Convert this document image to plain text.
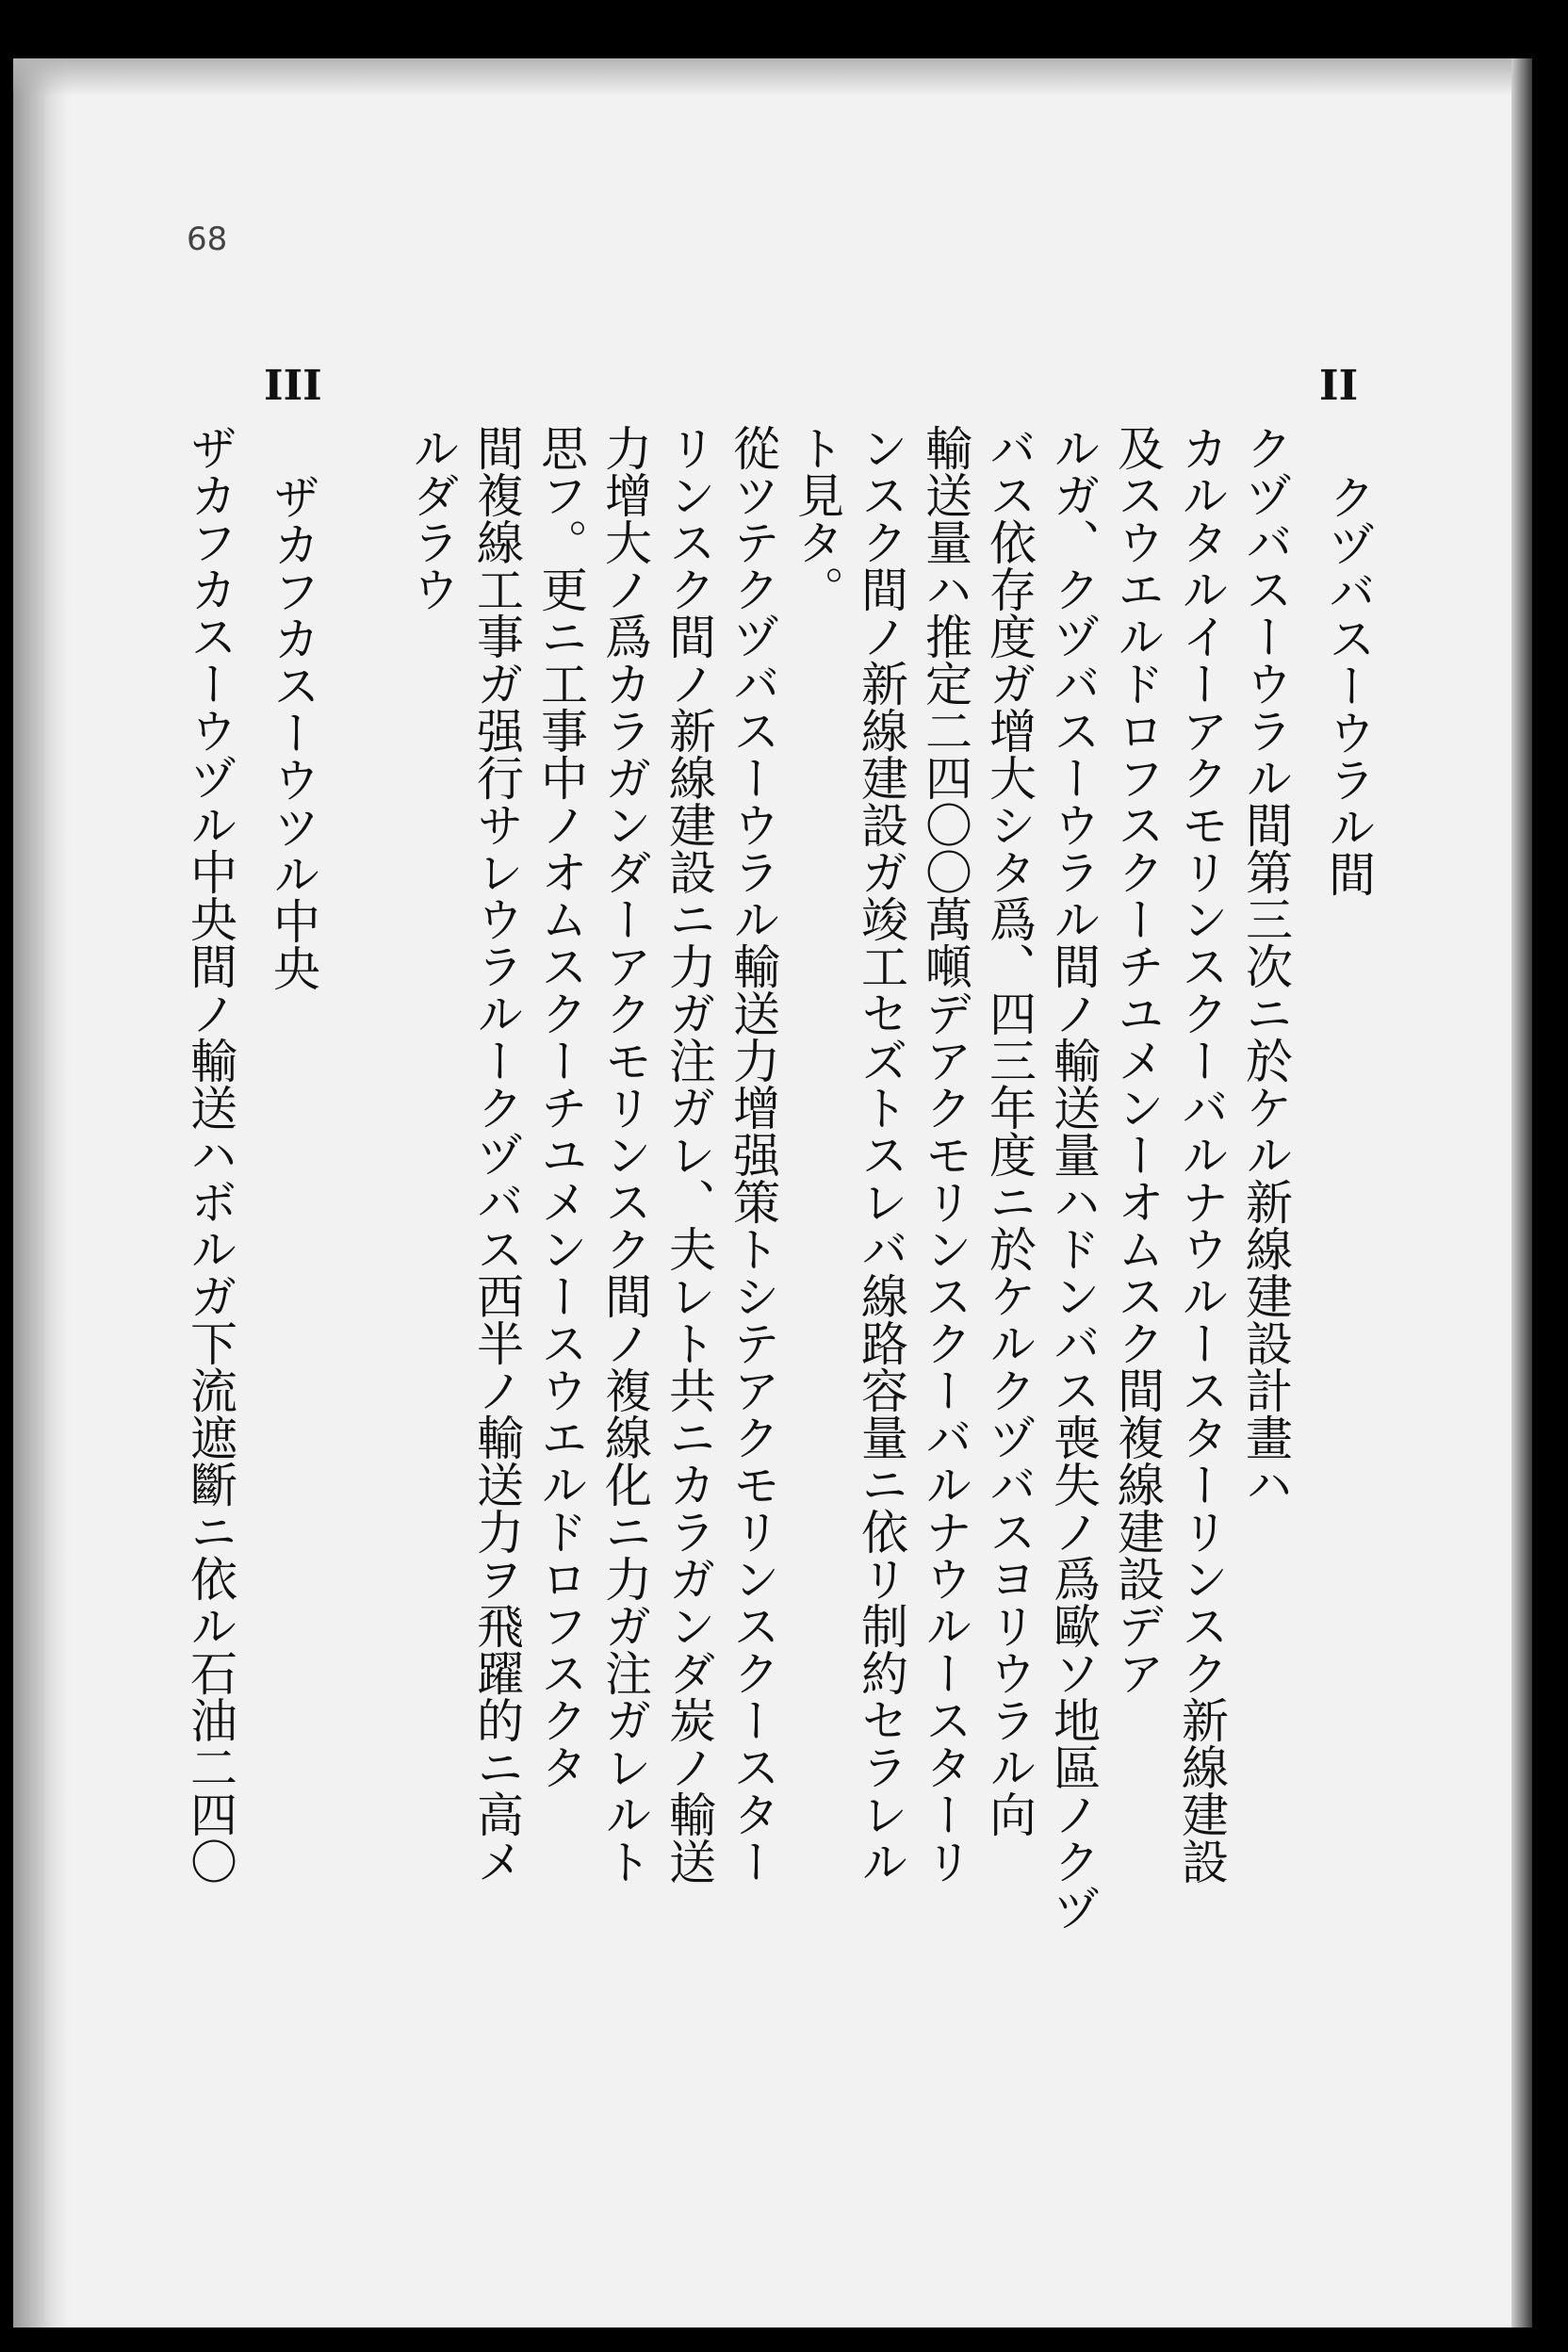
68
II
クヅバスーウラル間
クヅバスーウラル間第三次ニ於ケル新線建設計畫ハ
カルタルイーアクモリンスクーバルナウルースターリンスク新線建設
及スウエルドロフスクーチユメンーオムスク間複線建設デア
ルガ、クヅバスーウラル間ノ輸送量ハドンバス喪失ノ爲歐ソ地區ノクヅ
バス依存度ガ增大シタ爲、四三年度ニ於ケルクヅバスヨリウラル向
輸送量ハ推定二四〇〇萬噸デアクモリンスクーバルナウルースターリ
ンスク間ノ新線建設ガ竣工セズトスレバ線路容量ニ依リ制約セラレル
ト見タ。
從ツテクヅバスーウラル輸送力增强策トシテアクモリンスクースター
リンスク間ノ新線建設ニ力ガ注ガレ、夫レト共ニカラガンダ炭ノ輸送
力增大ノ爲カラガンダーアクモリンスク間ノ複線化ニ力ガ注ガレルト
思フ。更ニ工事中ノオムスクーチユメンースウエルドロフスクタ
間複線工事ガ强行サレウラルークヅバス西半ノ輸送力ヲ飛躍的ニ高メ
ルダラウ
III
ザカフカスーウツル中央
ザカフカスーウヅル中央間ノ輸送ハボルガ下流遮斷ニ依ル石油二四〇
